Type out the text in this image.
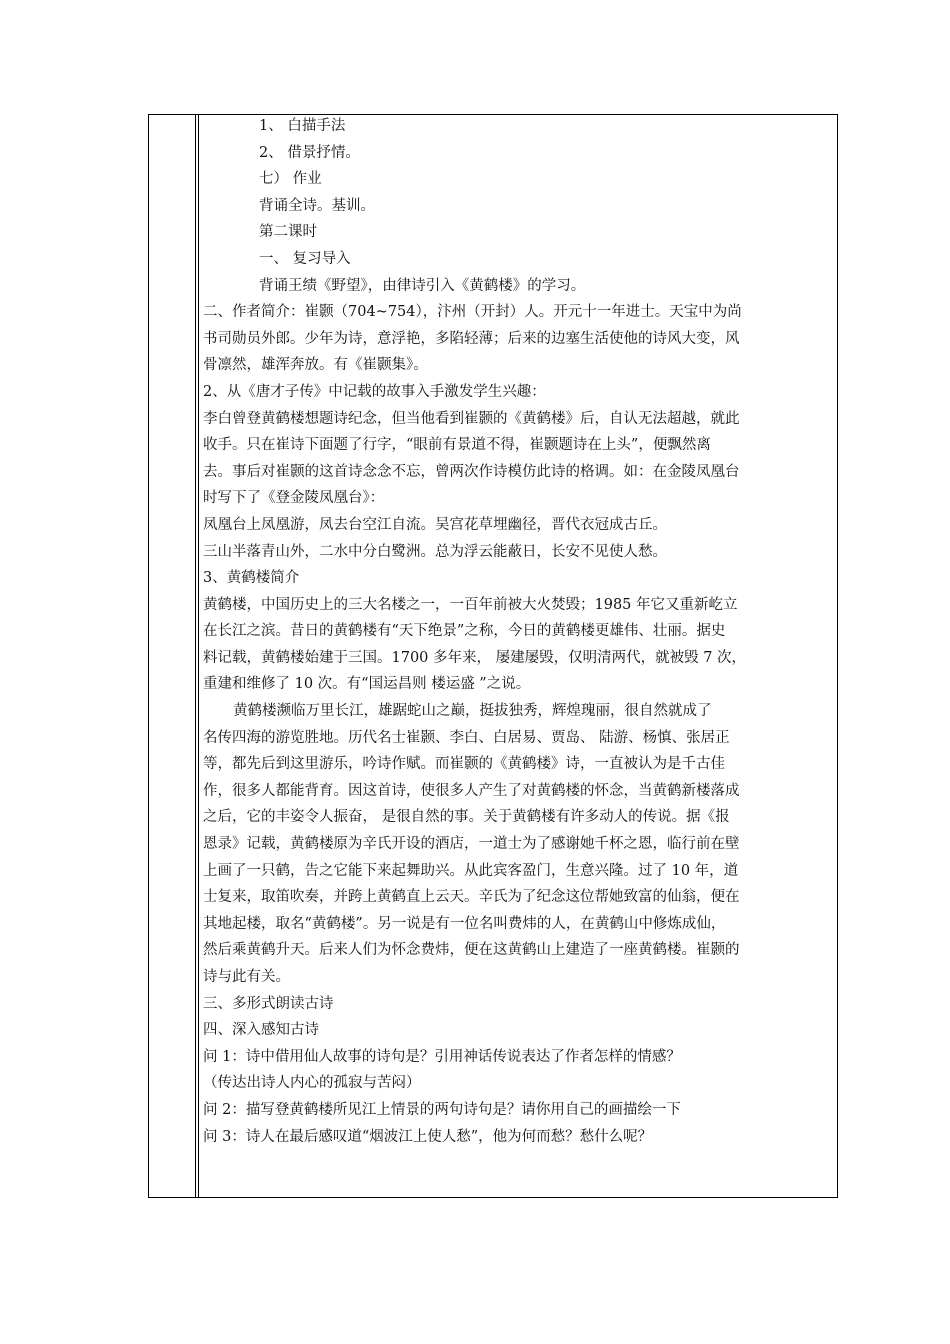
1、 白描手法
2、 借景抒情。
七） 作业
背诵全诗。基训。
第二课时
一、 复习导入
背诵王绩《野望》，由律诗引入《黄鹤楼》的学习。
二、作者简介：崔颢（704~754），汴州（开封）人。开元十一年进士。天宝中为尚
书司勋员外郎。少年为诗，意浮艳，多陷轻薄；后来的边塞生活使他的诗风大变，风
骨凛然，雄浑奔放。有《崔颢集》。
2、从《唐才子传》中记载的故事入手激发学生兴趣：
李白曾登黄鹤楼想题诗纪念，但当他看到崔颢的《黄鹤楼》后，自认无法超越，就此
收手。只在崔诗下面题了行字，“眼前有景道不得，崔颢题诗在上头”，便飘然离
去。事后对崔颢的这首诗念念不忘，曾两次作诗模仿此诗的格调。如：在金陵凤凰台
时写下了《登金陵凤凰台》：
凤凰台上凤凰游，凤去台空江自流。吴宫花草埋幽径，晋代衣冠成古丘。
三山半落青山外，二水中分白鹭洲。总为浮云能蔽日，长安不见使人愁。
3、黄鹤楼简介
黄鹤楼，中国历史上的三大名楼之一，一百年前被大火焚毁；1985 年它又重新屹立
在长江之滨。昔日的黄鹤楼有“天下绝景”之称，今日的黄鹤楼更雄伟、壮丽。据史
料记载，黄鹤楼始建于三国。1700 多年来， 屡建屡毁，仅明清两代，就被毁 7 次，
重建和维修了 10 次。有“国运昌则 楼运盛 ”之说。
黄鹤楼濒临万里长江，雄踞蛇山之巅，挺拔独秀，辉煌瑰丽，很自然就成了
名传四海的游览胜地。历代名士崔颢、李白、白居易、贾岛、 陆游、杨慎、张居正
等，都先后到这里游乐，吟诗作赋。而崔颢的《黄鹤楼》诗，一直被认为是千古佳
作，很多人都能背育。因这首诗，使很多人产生了对黄鹤楼的怀念，当黄鹤新楼落成
之后，它的丰姿令人振奋， 是很自然的事。关于黄鹤楼有许多动人的传说。据《报
恩录》记载，黄鹤楼原为辛氏开设的酒店，一道士为了感谢她千杯之恩，临行前在壁
上画了一只鹤，告之它能下来起舞助兴。从此宾客盈门，生意兴隆。过了 10 年，道
士复来，取笛吹奏，并跨上黄鹤直上云天。辛氏为了纪念这位帮她致富的仙翁，便在
其地起楼，取名“黄鹤楼”。另一说是有一位名叫费炜的人，在黄鹤山中修炼成仙，
然后乘黄鹤升天。后来人们为怀念费炜，便在这黄鹤山上建造了一座黄鹤楼。崔颢的
诗与此有关。
三、多形式朗读古诗
四、深入感知古诗
问 1：诗中借用仙人故事的诗句是？引用神话传说表达了作者怎样的情感？
（传达出诗人内心的孤寂与苦闷）
问 2：描写登黄鹤楼所见江上情景的两句诗句是？请你用自己的画描绘一下
问 3：诗人在最后感叹道“烟波江上使人愁”，他为何而愁？愁什么呢？
